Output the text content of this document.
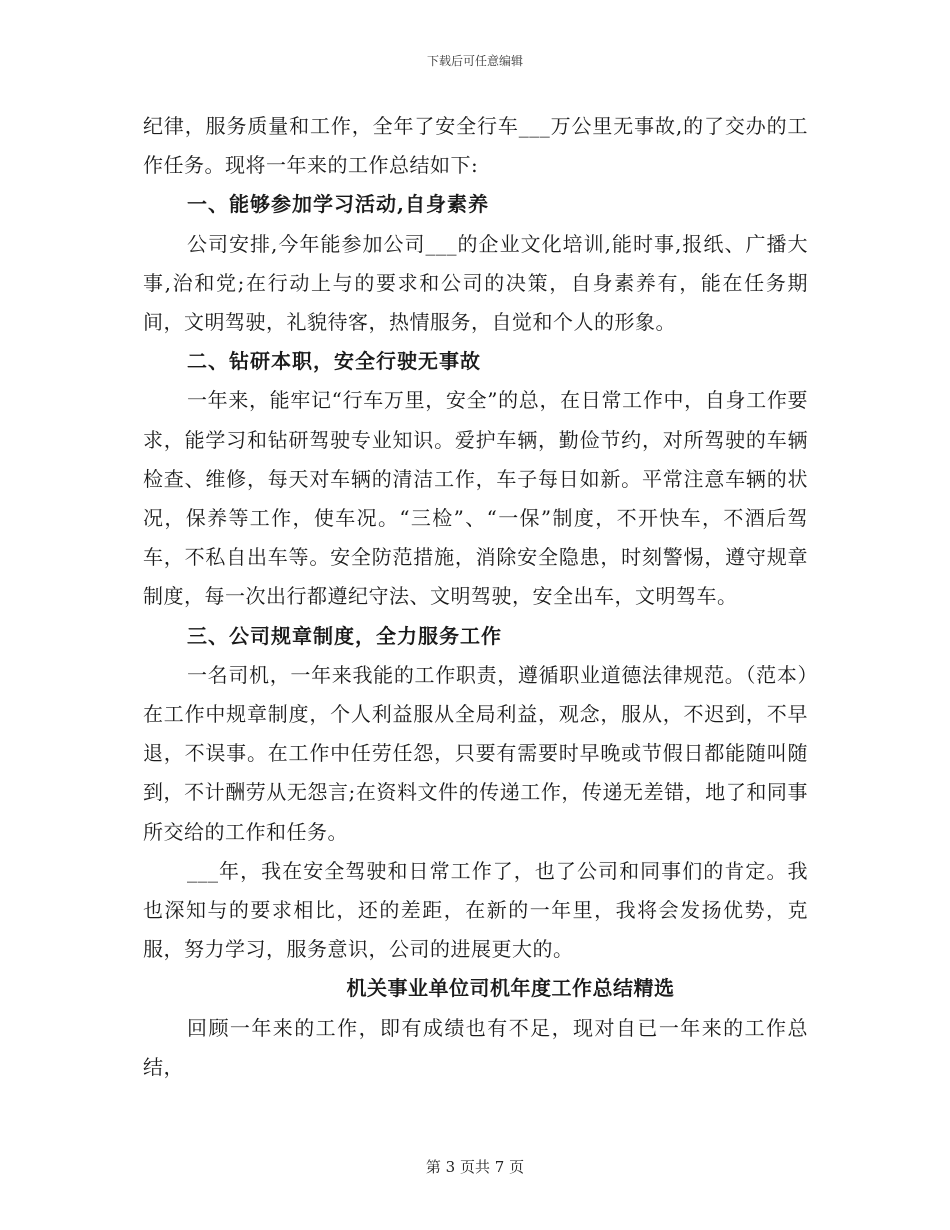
下载后可任意编辑

纪律，服务质量和工作，全年了安全行车___万公里无事故,的了交办的工作任务。现将一年来的工作总结如下:

一、能够参加学习活动,自身素养

公司安排,今年能参加公司___的企业文化培训,能时事,报纸、广播大事,治和党;在行动上与的要求和公司的决策，自身素养有，能在任务期间，文明驾驶，礼貌待客，热情服务，自觉和个人的形象。

二、钻研本职，安全行驶无事故

一年来，能牢记“行车万里，安全”的总，在日常工作中，自身工作要求，能学习和钻研驾驶专业知识。爱护车辆，勤俭节约，对所驾驶的车辆检查、维修，每天对车辆的清洁工作，车子每日如新。平常注意车辆的状况，保养等工作，使车况。“三检”、“一保”制度，不开快车，不酒后驾车，不私自出车等。安全防范措施，消除安全隐患，时刻警惕，遵守规章制度，每一次出行都遵纪守法、文明驾驶，安全出车，文明驾车。

三、公司规章制度，全力服务工作

一名司机，一年来我能的工作职责，遵循职业道德法律规范。（范本）在工作中规章制度，个人利益服从全局利益，观念，服从，不迟到，不早退，不误事。在工作中任劳任怨，只要有需要时早晚或节假日都能随叫随到，不计酬劳从无怨言;在资料文件的传递工作，传递无差错，地了和同事所交给的工作和任务。

___年，我在安全驾驶和日常工作了，也了公司和同事们的肯定。我也深知与的要求相比，还的差距，在新的一年里，我将会发扬优势，克服，努力学习，服务意识，公司的进展更大的。

机关事业单位司机年度工作总结精选

回顾一年来的工作，即有成绩也有不足，现对自已一年来的工作总结，

第 3 页共 7 页
